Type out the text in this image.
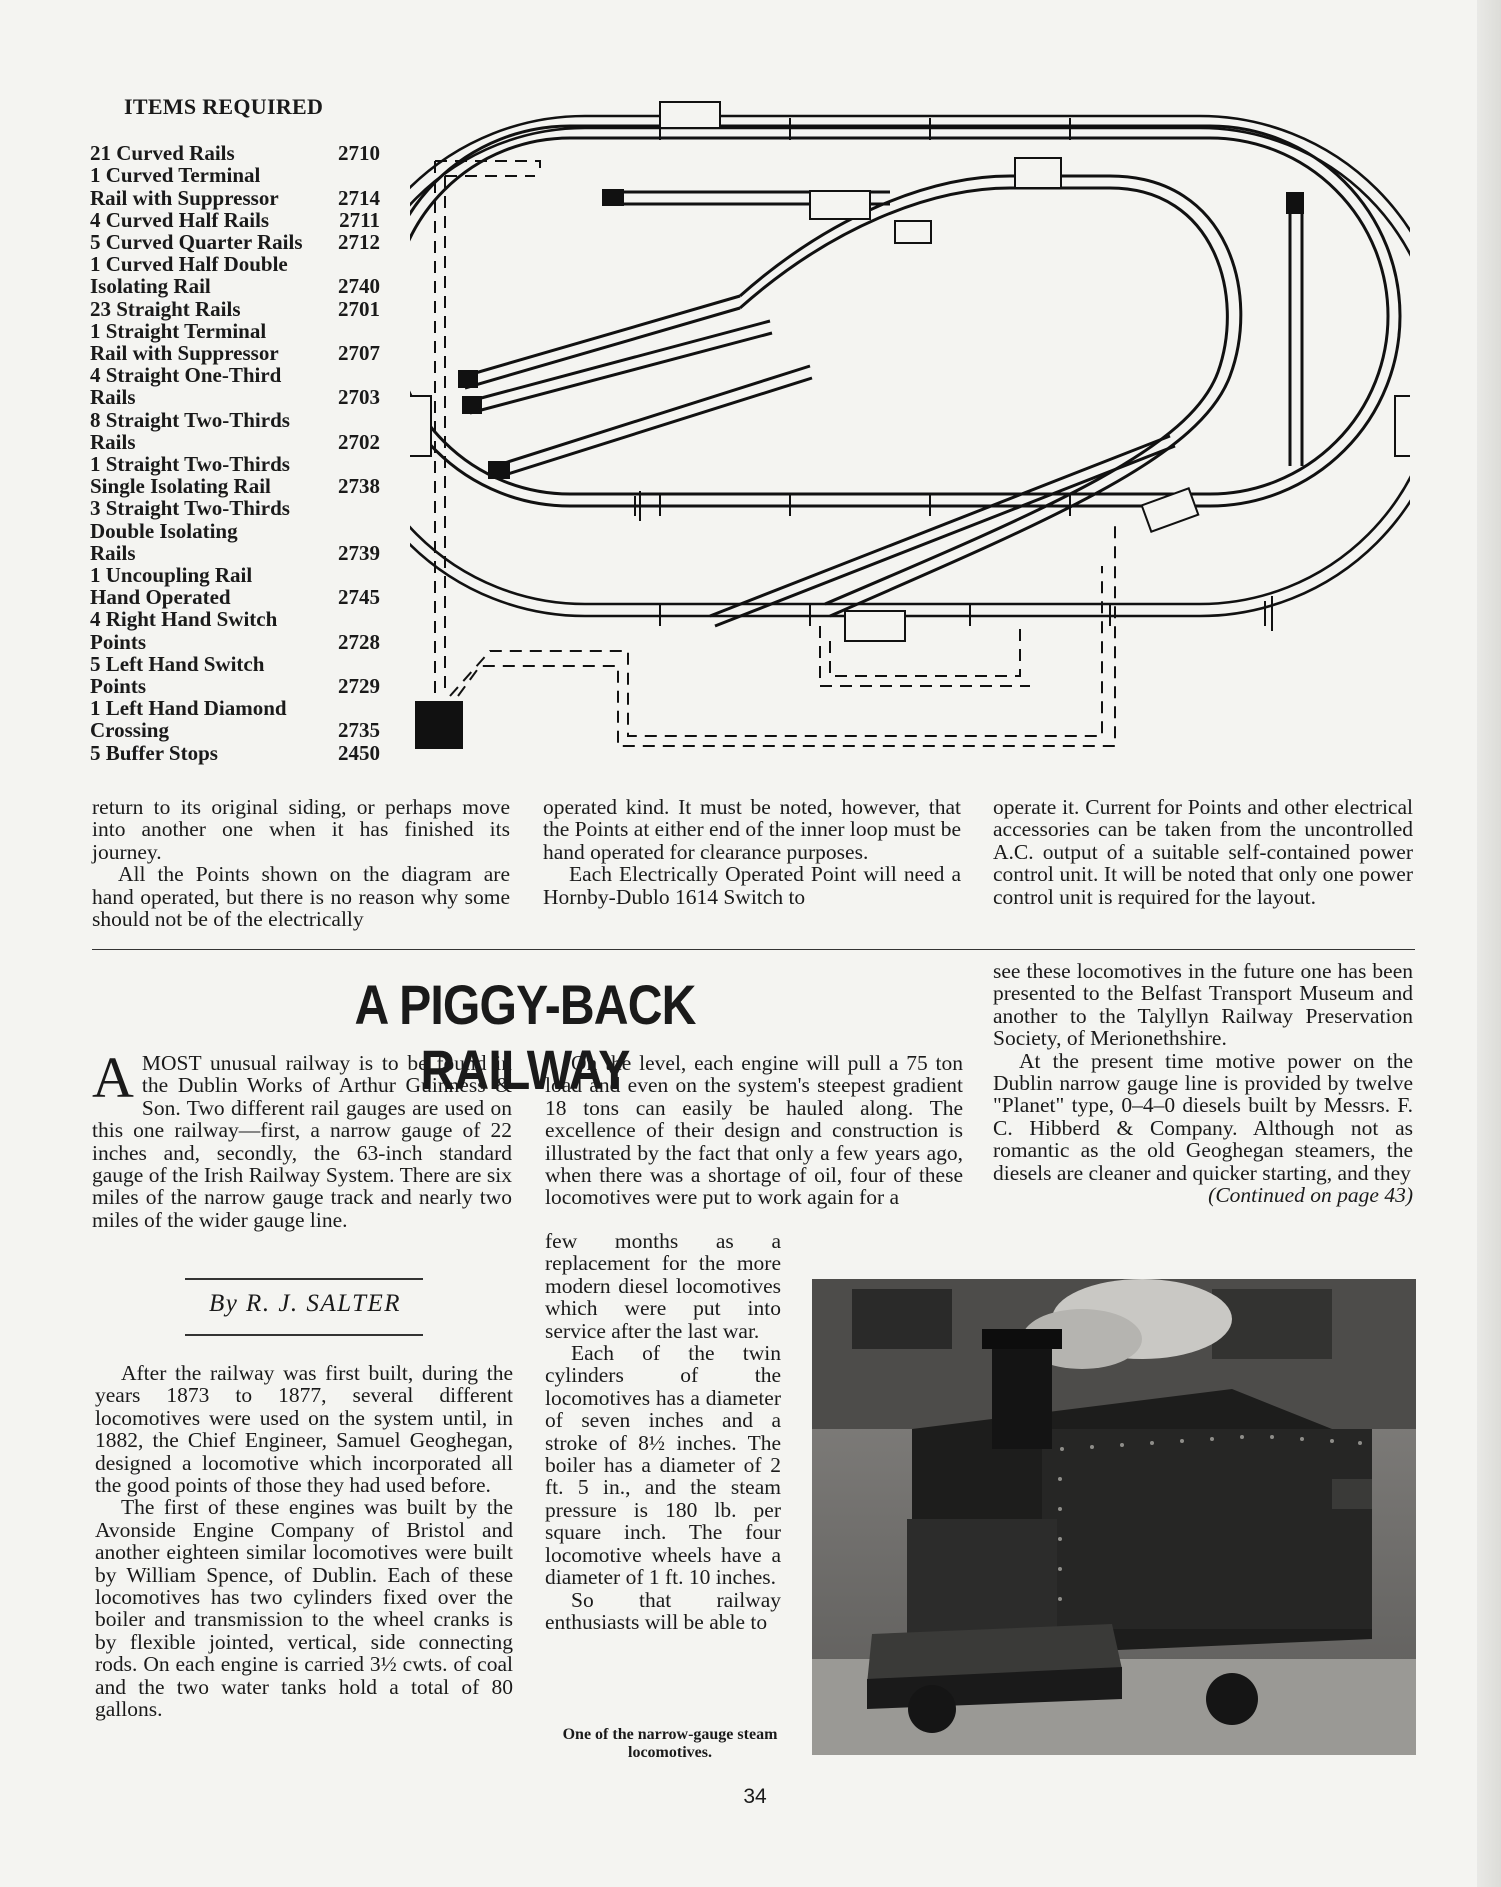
ITEMS REQUIRED
21 Curved Rails	2710
1 Curved Terminal
Rail with Suppressor	2714
4 Curved Half Rails	2711
5 Curved Quarter Rails 2712
1 Curved Half Double
Isolating Rail	2740
23 Straight Rails	2701
1 Straight Terminal
Rail with Suppressor	2707
4 Straight One-Third
Rails	2703
8 Straight Two-Thirds
Rails	2702
1 Straight Two-Thirds
Single Isolating Rail	2738
3 Straight Two-Thirds
Double Isolating
Rails	2739
1 Uncoupling Rail
Hand Operated	2745
4 Right Hand Switch
Points	2728
5 Left Hand Switch
Points	2729
1 Left Hand Diamond
Crossing	2735
5 Buffer Stops	2450

return to its original siding, or perhaps move into another one when it has finished its journey.

All the Points shown on the diagram are hand operated, but there is no reason why some should not be of the electrically

operated kind. It must be noted, however, that the Points at either end of the inner loop must be hand operated for clearance purposes.

Each Electrically Operated Point will need a Hornby-Dublo 1614 Switch to

operate it. Current for Points and other electrical accessories can be taken from the uncontrolled A.C. output of a suitable self-contained power control unit. It will be noted that only one power control unit is required for the layout.

A PIGGY-BACK RAILWAY

AMOST unusual railway is to be found in the Dublin Works of Arthur Guinness & Son. Two different rail gauges are used on this one railway—first, a narrow gauge of 22 inches and, secondly, the 63-inch standard gauge of the Irish Railway System. There are six miles of the narrow gauge track and nearly two miles of the wider gauge line.

By R. J. SALTER

After the railway was first built, during the years 1873 to 1877, several different locomotives were used on the system until, in 1882, the Chief Engineer, Samuel Geoghegan, designed a locomotive which incorporated all the good points of those they had used before.

The first of these engines was built by the Avonside Engine Company of Bristol and another eighteen similar locomotives were built by William Spence, of Dublin. Each of these locomotives has two cylinders fixed over the boiler and transmission to the wheel cranks is by flexible jointed, vertical, side connecting rods. On each engine is carried 3½ cwts. of coal and the two water tanks hold a total of 80 gallons.

On the level, each engine will pull a 75 ton load and even on the system's steepest gradient 18 tons can easily be hauled along. The excellence of their design and construction is illustrated by the fact that only a few years ago, when there was a shortage of oil, four of these locomotives were put to work again for a

few months as a replacement for the more modern diesel locomotives which were put into service after the last war.

Each of the twin cylinders of the locomotives has a diameter of seven inches and a stroke of 8½ inches. The boiler has a diameter of 2 ft. 5 in., and the steam pressure is 180 lb. per square inch. The four locomotive wheels have a diameter of 1 ft. 10 inches.

So that railway enthusiasts will be able to

see these locomotives in the future one has been presented to the Belfast Transport Museum and another to the Talyllyn Railway Preservation Society, of Merionethshire.

At the present time motive power on the Dublin narrow gauge line is provided by twelve "Planet" type, 0–4–0 diesels built by Messrs. F. C. Hibberd & Company. Although not as romantic as the old Geoghegan steamers, the diesels are cleaner and quicker starting, and they

(Continued on page 43)

One of the narrow-gauge steam locomotives.
34
